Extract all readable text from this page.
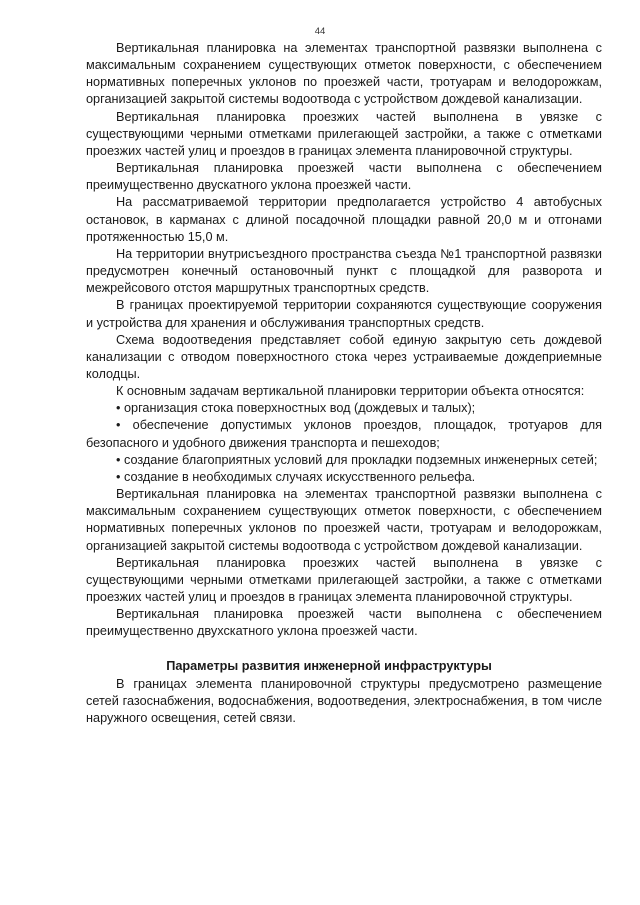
44

Вертикальная планировка на элементах транспортной развязки выполнена с максимальным сохранением существующих отметок поверхности, с обеспечением нормативных поперечных уклонов по проезжей части, тротуарам и велодорожкам, организацией закрытой системы водоотвода с устройством дождевой канализации.

Вертикальная планировка проезжих частей выполнена в увязке с существующими черными отметками прилегающей застройки, а также с отметками проезжих частей улиц и проездов в границах элемента планировочной структуры.

Вертикальная планировка проезжей части выполнена с обеспечением преимущественно двускатного уклона проезжей части.

На рассматриваемой территории предполагается устройство 4 автобусных остановок, в карманах с длиной посадочной площадки равной 20,0 м и отгонами протяженностью 15,0 м.

На территории внутрисъездного пространства съезда №1 транспортной развязки предусмотрен конечный остановочный пункт с площадкой для разворота и межрейсового отстоя маршрутных транспортных средств.

В границах проектируемой территории сохраняются существующие сооружения и устройства для хранения и обслуживания транспортных средств.

Схема водоотведения представляет собой единую закрытую сеть дождевой канализации с отводом поверхностного стока через устраиваемые дождеприемные колодцы.

К основным задачам вертикальной планировки территории объекта относятся:

• организация стока поверхностных вод (дождевых и талых);

• обеспечение допустимых уклонов проездов, площадок, тротуаров для безопасного и удобного движения транспорта и пешеходов;

• создание благоприятных условий для прокладки подземных инженерных сетей;

• создание в необходимых случаях искусственного рельефа.

Вертикальная планировка на элементах транспортной развязки выполнена с максимальным сохранением существующих отметок поверхности, с обеспечением нормативных поперечных уклонов по проезжей части, тротуарам и велодорожкам, организацией закрытой системы водоотвода с устройством дождевой канализации.

Вертикальная планировка проезжих частей выполнена в увязке с существующими черными отметками прилегающей застройки, а также с отметками проезжих частей улиц и проездов в границах элемента планировочной структуры.

Вертикальная планировка проезжей части выполнена с обеспечением преимущественно двухскатного уклона проезжей части.

Параметры развития инженерной инфраструктуры

В границах элемента планировочной структуры предусмотрено размещение сетей газоснабжения, водоснабжения, водоотведения, электроснабжения, в том числе наружного освещения, сетей связи.
